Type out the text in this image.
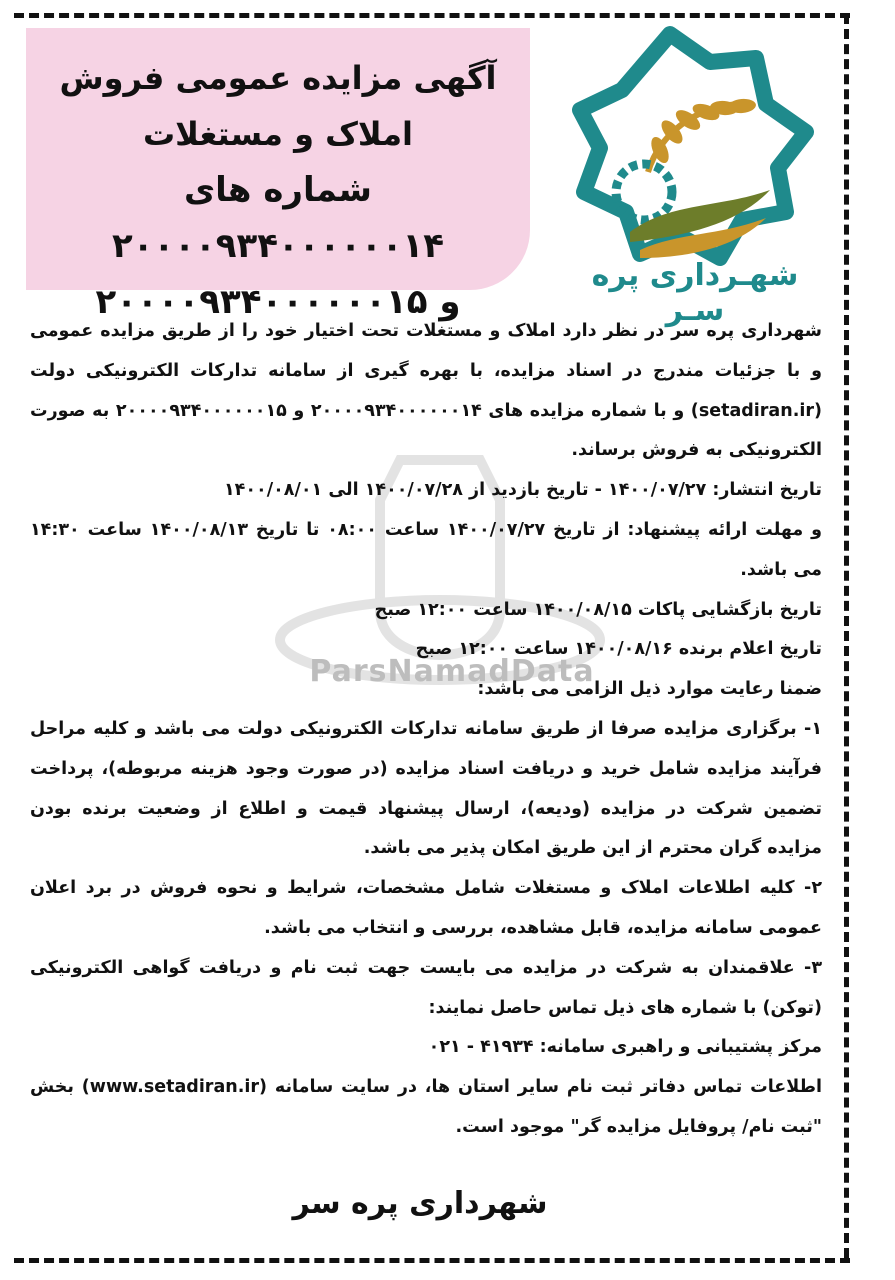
آگهی مزایده عمومی فروش
املاک و مستغلات
شماره های ۲۰۰۰۰۹۳۴۰۰۰۰۰۰۱۴
و ۲۰۰۰۰۹۳۴۰۰۰۰۰۰۱۵
شهـرداری پره سـر
ParsNamadData

شهرداری پره سر در نظر دارد املاک و مستغلات تحت اختیار خود را از طریق مزایده عمومی و با جزئیات مندرج در اسناد مزایده، با بهره گیری از سامانه تدارکات الکترونیکی دولت (setadiran.ir) و با شماره مزایده های ۲۰۰۰۰۹۳۴۰۰۰۰۰۰۱۴ و ۲۰۰۰۰۹۳۴۰۰۰۰۰۰۱۵ به صورت الکترونیکی به فروش برساند.

تاریخ انتشار: ۱۴۰۰/۰۷/۲۷ - تاریخ بازدید از ۱۴۰۰/۰۷/۲۸ الی ۱۴۰۰/۰۸/۰۱

و مهلت ارائه پیشنهاد: از تاریخ ۱۴۰۰/۰۷/۲۷ ساعت ۰۸:۰۰ تا تاریخ ۱۴۰۰/۰۸/۱۳ ساعت ۱۴:۳۰ می باشد.

تاریخ بازگشایی پاکات ۱۴۰۰/۰۸/۱۵ ساعت ۱۲:۰۰ صبح

تاریخ اعلام برنده ۱۴۰۰/۰۸/۱۶ ساعت ۱۲:۰۰ صبح

ضمنا رعایت موارد ذیل الزامی می باشد:

۱- برگزاری مزایده صرفا از طریق سامانه تدارکات الکترونیکی دولت می باشد و کلیه مراحل فرآیند مزایده شامل خرید و دریافت اسناد مزایده (در صورت وجود هزینه مربوطه)، پرداخت تضمین شرکت در مزایده (ودیعه)، ارسال پیشنهاد قیمت و اطلاع از وضعیت برنده بودن مزایده گران محترم از این طریق امکان پذیر می باشد.

۲- کلیه اطلاعات املاک و مستغلات شامل مشخصات، شرایط و نحوه فروش در برد اعلان عمومی سامانه مزایده، قابل مشاهده، بررسی و انتخاب می باشد.

۳- علاقمندان به شرکت در مزایده می بایست جهت ثبت نام و دریافت گواهی الکترونیکی (توکن) با شماره های ذیل تماس حاصل نمایند:

مرکز پشتیبانی و راهبری سامانه: ۴۱۹۳۴ - ۰۲۱

اطلاعات تماس دفاتر ثبت نام سایر استان ها، در سایت سامانه (www.setadiran.ir) بخش "ثبت نام/ پروفایل مزایده گر" موجود است.

شهرداری پره سر
